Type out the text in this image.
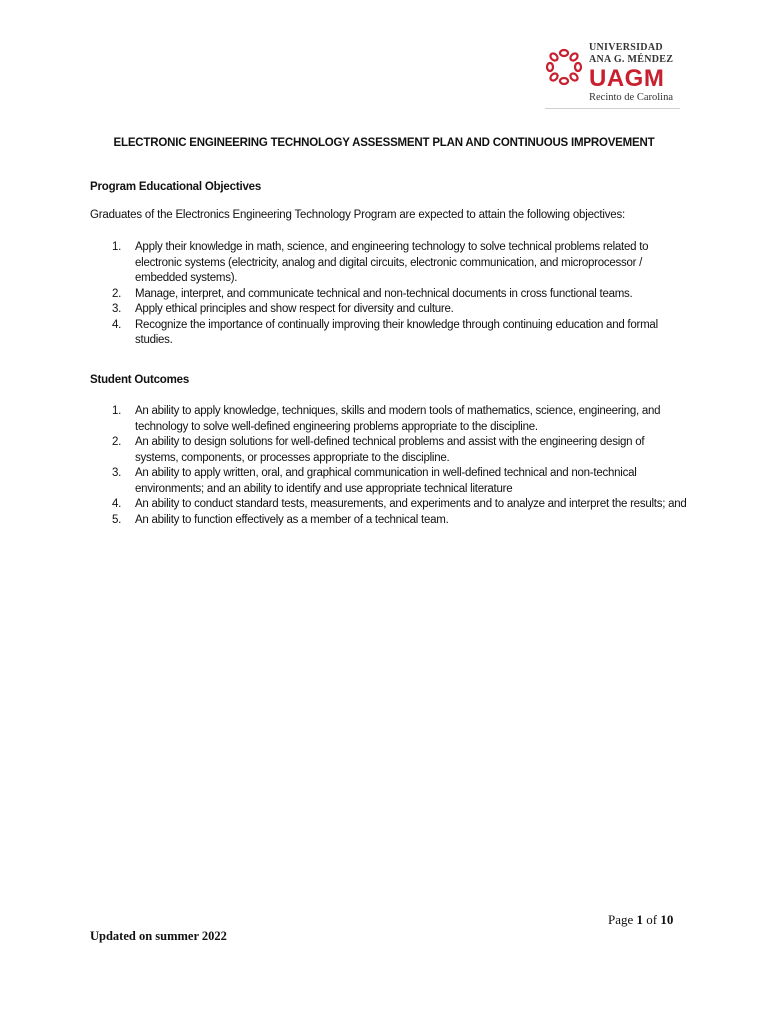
UNIVERSIDAD
ANA G. MÉNDEZ
UAGM
Recinto de Carolina
ELECTRONIC ENGINEERING TECHNOLOGY ASSESSMENT PLAN AND CONTINUOUS IMPROVEMENT
Program Educational Objectives
Graduates of the Electronics Engineering Technology Program are expected to attain the following objectives:
1. Apply their knowledge in math, science, and engineering technology to solve technical problems related to electronic systems (electricity, analog and digital circuits, electronic communication, and microprocessor / embedded systems).
2. Manage, interpret, and communicate technical and non-technical documents in cross functional teams.
3. Apply ethical principles and show respect for diversity and culture.
4. Recognize the importance of continually improving their knowledge through continuing education and formal studies.
Student Outcomes
1. An ability to apply knowledge, techniques, skills and modern tools of mathematics, science, engineering, and technology to solve well-defined engineering problems appropriate to the discipline.
2. An ability to design solutions for well-defined technical problems and assist with the engineering design of systems, components, or processes appropriate to the discipline.
3. An ability to apply written, oral, and graphical communication in well-defined technical and non-technical environments; and an ability to identify and use appropriate technical literature
4. An ability to conduct standard tests, measurements, and experiments and to analyze and interpret the results; and
5. An ability to function effectively as a member of a technical team.
Page 1 of 10
Updated on summer 2022
